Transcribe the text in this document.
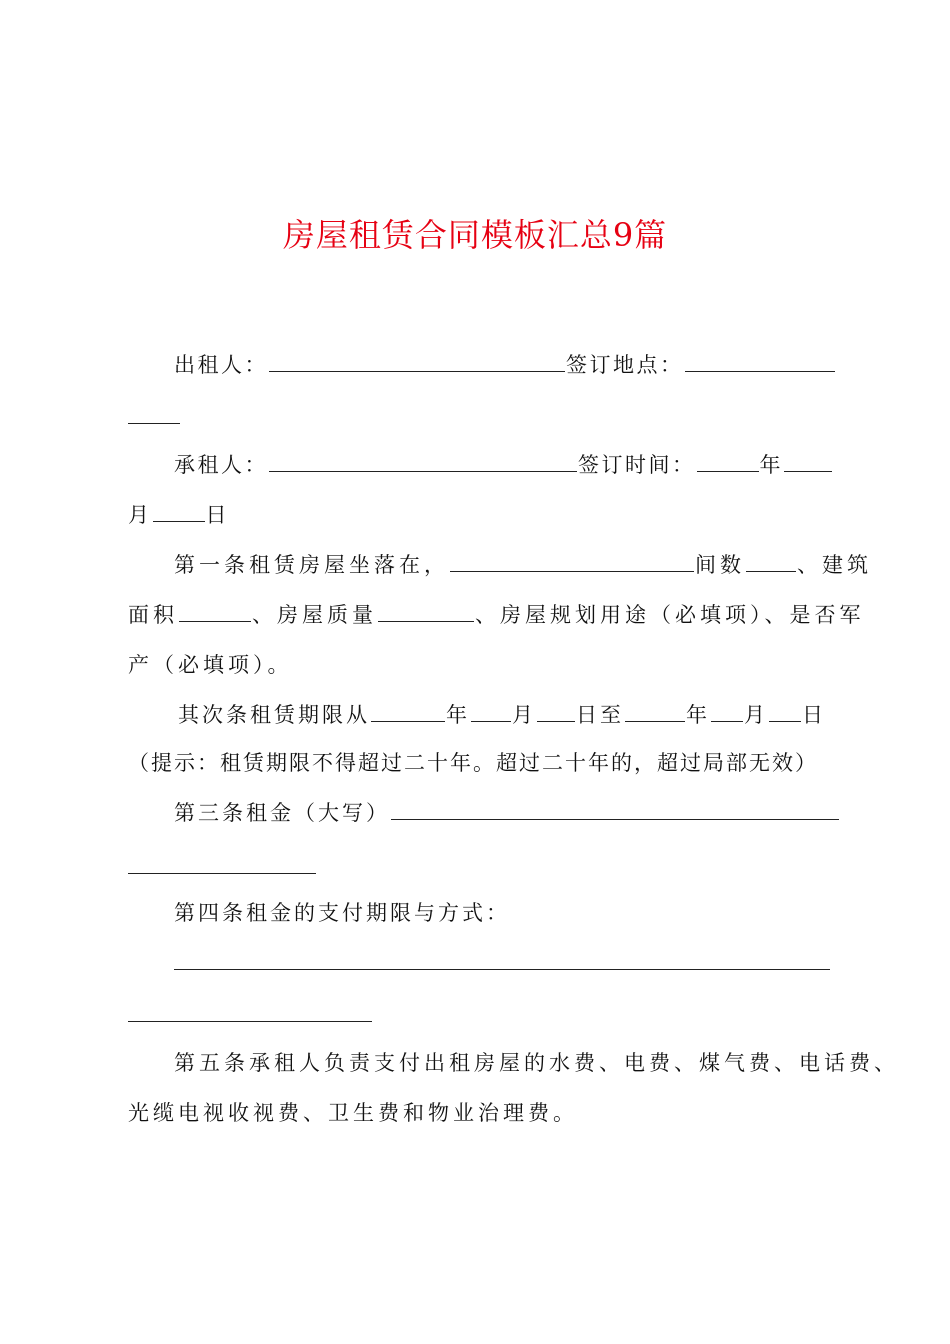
房屋租赁合同模板汇总9篇
出租人：	签订地点：
承租人：	签订时间：	年
月	日
第一条租赁房屋坐落在，	间数 、建筑
面积	、房屋质量	、房屋规划用途（必填项）、是否军
产（必填项）。
其次条租赁期限从	年 月 日至	年 月 日
（提示：租赁期限不得超过二十年。超过二十年的，超过局部无效）
第三条租金（大写）
第四条租金的支付期限与方式：
第五条承租人负责支付出租房屋的水费、电费、煤气费、电话费、
光缆电视收视费、卫生费和物业治理费。
